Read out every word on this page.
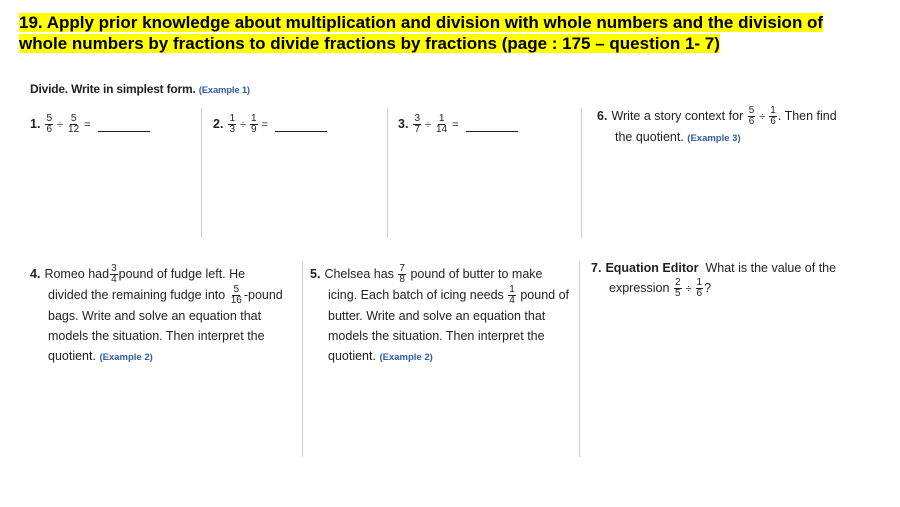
19. Apply prior knowledge about multiplication and division with whole numbers and the division of whole numbers by fractions to divide fractions by fractions (page : 175 – question 1- 7)
Divide. Write in simplest form. (Example 1)
1. $\frac{5}{6} \div \frac{5}{12}$ =	2. $\frac{1}{3} \div \frac{1}{9}$ =	3. $\frac{3}{7} \div \frac{1}{14}$ =
6. Write a story context for $\frac{5}{6} \div \frac{1}{6}$ . Then find
the quotient. (Example 3)
4. Romeo had $\frac{3}{4}$ pound of fudge left. He
divided the remaining fudge into $\frac{5}{16}$ -pound
bags. Write and solve an equation that
models the situation. Then interpret the
quotient. (Example 2)
5. Chelsea has $\frac{7}{8}$ pound of butter to make
icing. Each batch of icing needs $\frac{1}{4}$ pound of
butter. Write and solve an equation that
models the situation. Then interpret the
quotient. (Example 2)
7. Equation Editor What is the value of the
expression $\frac{2}{5} \div \frac{1}{6}$ ?
